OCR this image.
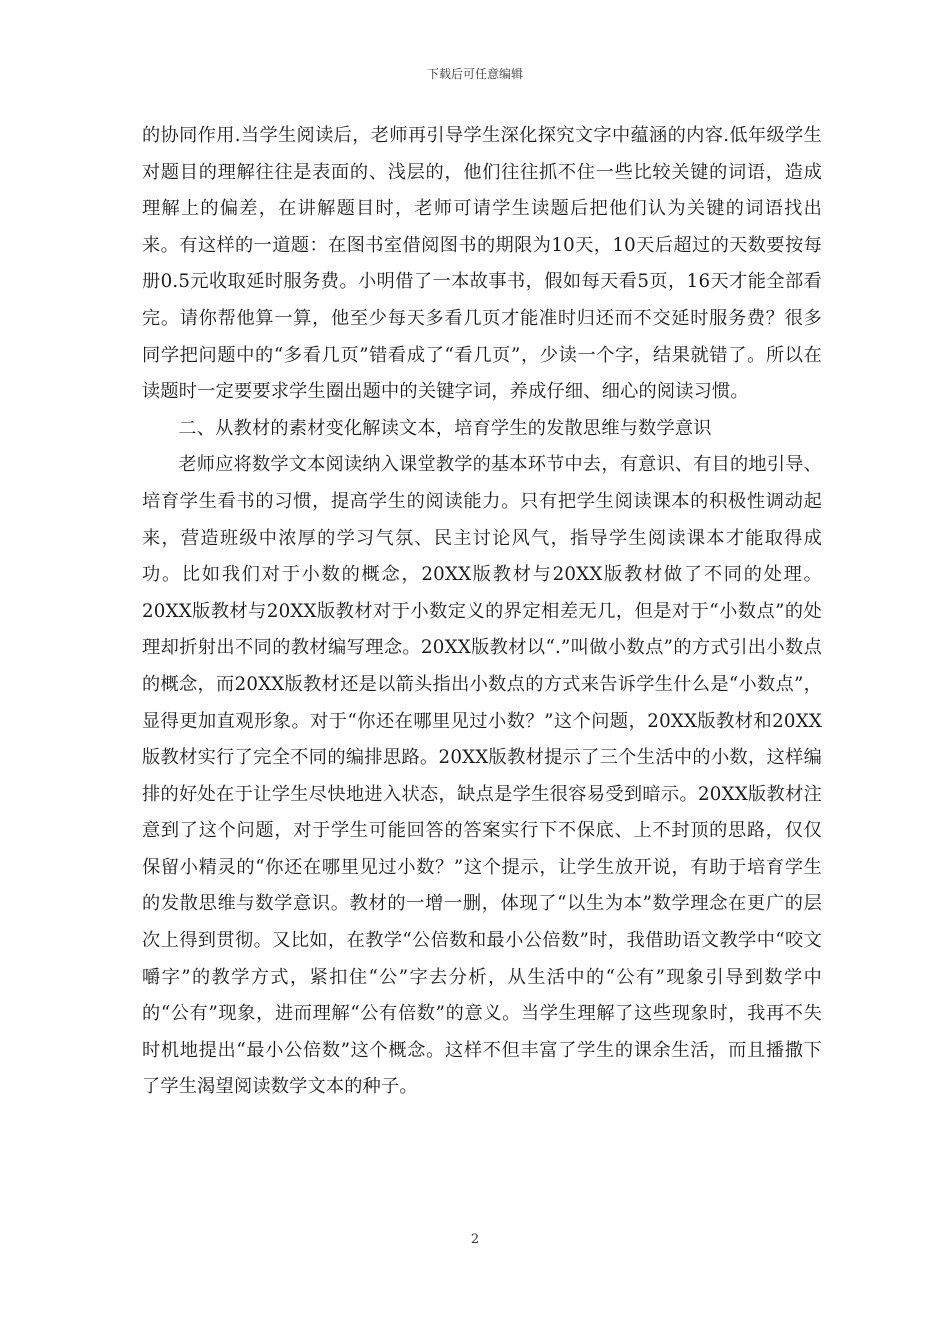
下载后可任意编辑

的协同作用.当学生阅读后，老师再引导学生深化探究文字中蕴涵的内容.低年级学生对题目的理解往往是表面的、浅层的，他们往往抓不住一些比较关键的词语，造成理解上的偏差，在讲解题目时，老师可请学生读题后把他们认为关键的词语找出来。有这样的一道题：在图书室借阅图书的期限为10天，10天后超过的天数要按每册0.5元收取延时服务费。小明借了一本故事书，假如每天看5页，16天才能全部看完。请你帮他算一算，他至少每天多看几页才能准时归还而不交延时服务费？很多同学把问题中的“多看几页”错看成了“看几页”，少读一个字，结果就错了。所以在读题时一定要要求学生圈出题中的关键字词，养成仔细、细心的阅读习惯。

二、从教材的素材变化解读文本，培育学生的发散思维与数学意识

老师应将数学文本阅读纳入课堂教学的基本环节中去，有意识、有目的地引导、培育学生看书的习惯，提高学生的阅读能力。只有把学生阅读课本的积极性调动起来，营造班级中浓厚的学习气氛、民主讨论风气，指导学生阅读课本才能取得成功。比如我们对于小数的概念，20XX版教材与20XX版教材做了不同的处理。20XX版教材与20XX版教材对于小数定义的界定相差无几，但是对于“小数点”的处理却折射出不同的教材编写理念。20XX版教材以“.”叫做小数点”的方式引出小数点的概念，而20XX版教材还是以箭头指出小数点的方式来告诉学生什么是“小数点”，显得更加直观形象。对于“你还在哪里见过小数？”这个问题，20XX版教材和20XX版教材实行了完全不同的编排思路。20XX版教材提示了三个生活中的小数，这样编排的好处在于让学生尽快地进入状态，缺点是学生很容易受到暗示。20XX版教材注意到了这个问题，对于学生可能回答的答案实行下不保底、上不封顶的思路，仅仅保留小精灵的“你还在哪里见过小数？”这个提示，让学生放开说，有助于培育学生的发散思维与数学意识。教材的一增一删，体现了“以生为本”数学理念在更广的层次上得到贯彻。又比如，在教学“公倍数和最小公倍数”时，我借助语文教学中“咬文嚼字”的教学方式，紧扣住“公”字去分析，从生活中的“公有”现象引导到数学中的“公有”现象，进而理解“公有倍数”的意义。当学生理解了这些现象时，我再不失时机地提出“最小公倍数”这个概念。这样不但丰富了学生的课余生活，而且播撒下了学生渴望阅读数学文本的种子。

2
